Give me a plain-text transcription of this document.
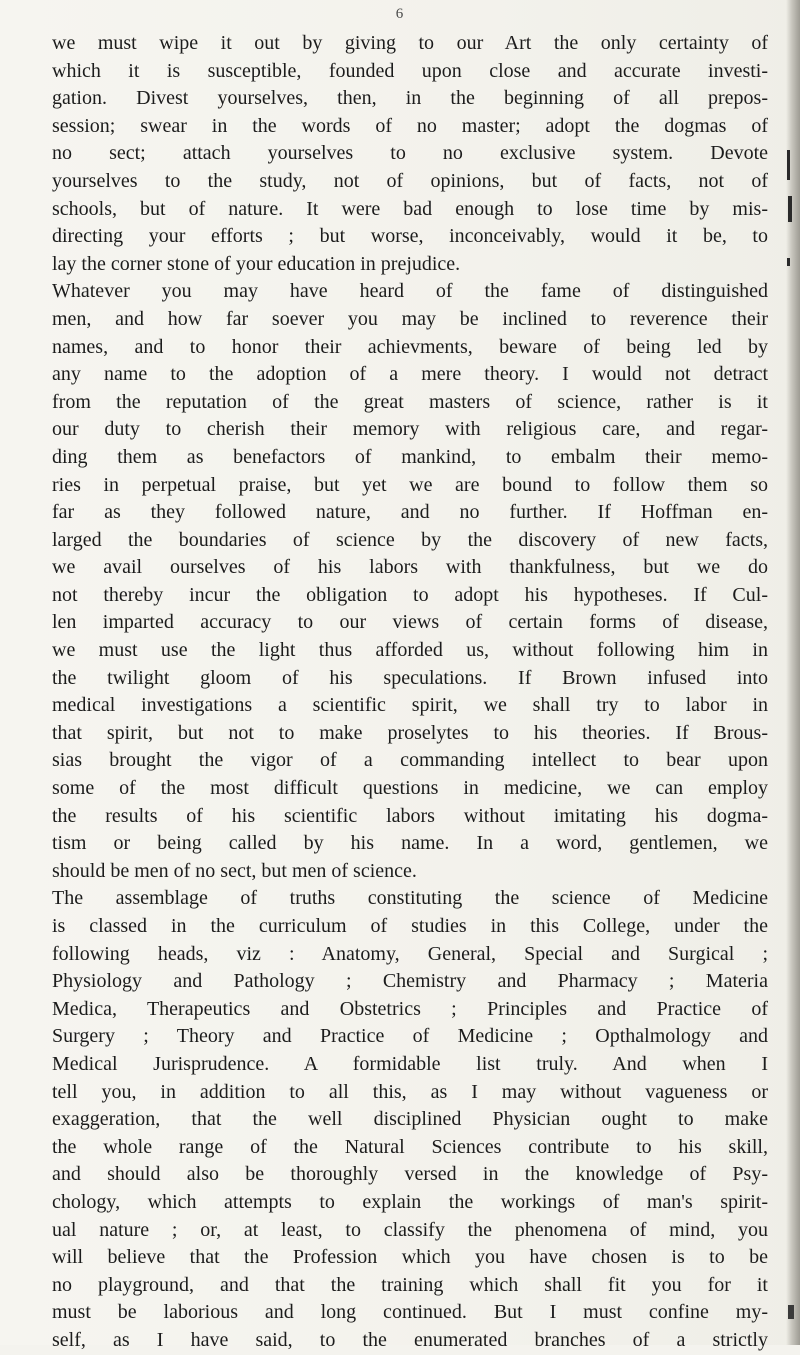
6
we must wipe it out by giving to our Art the only certainty of
which it is susceptible, founded upon close and accurate investi-
gation. Divest yourselves, then, in the beginning of all prepos-
session; swear in the words of no master; adopt the dogmas of
no sect; attach yourselves to no exclusive system. Devote
yourselves to the study, not of opinions, but of facts, not of
schools, but of nature. It were bad enough to lose time by mis-
directing your efforts ; but worse, inconceivably, would it be, to
lay the corner stone of your education in prejudice.
Whatever you may have heard of the fame of distinguished
men, and how far soever you may be inclined to reverence their
names, and to honor their achievments, beware of being led by
any name to the adoption of a mere theory. I would not detract
from the reputation of the great masters of science, rather is it
our duty to cherish their memory with religious care, and regar-
ding them as benefactors of mankind, to embalm their memo-
ries in perpetual praise, but yet we are bound to follow them so
far as they followed nature, and no further. If Hoffman en-
larged the boundaries of science by the discovery of new facts,
we avail ourselves of his labors with thankfulness, but we do
not thereby incur the obligation to adopt his hypotheses. If Cul-
len imparted accuracy to our views of certain forms of disease,
we must use the light thus afforded us, without following him in
the twilight gloom of his speculations. If Brown infused into
medical investigations a scientific spirit, we shall try to labor in
that spirit, but not to make proselytes to his theories. If Brous-
sias brought the vigor of a commanding intellect to bear upon
some of the most difficult questions in medicine, we can employ
the results of his scientific labors without imitating his dogma-
tism or being called by his name. In a word, gentlemen, we
should be men of no sect, but men of science.
The assemblage of truths constituting the science of Medicine
is classed in the curriculum of studies in this College, under the
following heads, viz : Anatomy, General, Special and Surgical ;
Physiology and Pathology ; Chemistry and Pharmacy ; Materia
Medica, Therapeutics and Obstetrics ; Principles and Practice of
Surgery ; Theory and Practice of Medicine ; Opthalmology and
Medical Jurisprudence. A formidable list truly. And when I
tell you, in addition to all this, as I may without vagueness or
exaggeration, that the well disciplined Physician ought to make
the whole range of the Natural Sciences contribute to his skill,
and should also be thoroughly versed in the knowledge of Psy-
chology, which attempts to explain the workings of man's spirit-
ual nature ; or, at least, to classify the phenomena of mind, you
will believe that the Profession which you have chosen is to be
no playground, and that the training which shall fit you for it
must be laborious and long continued. But I must confine my-
self, as I have said, to the enumerated branches of a strictly
